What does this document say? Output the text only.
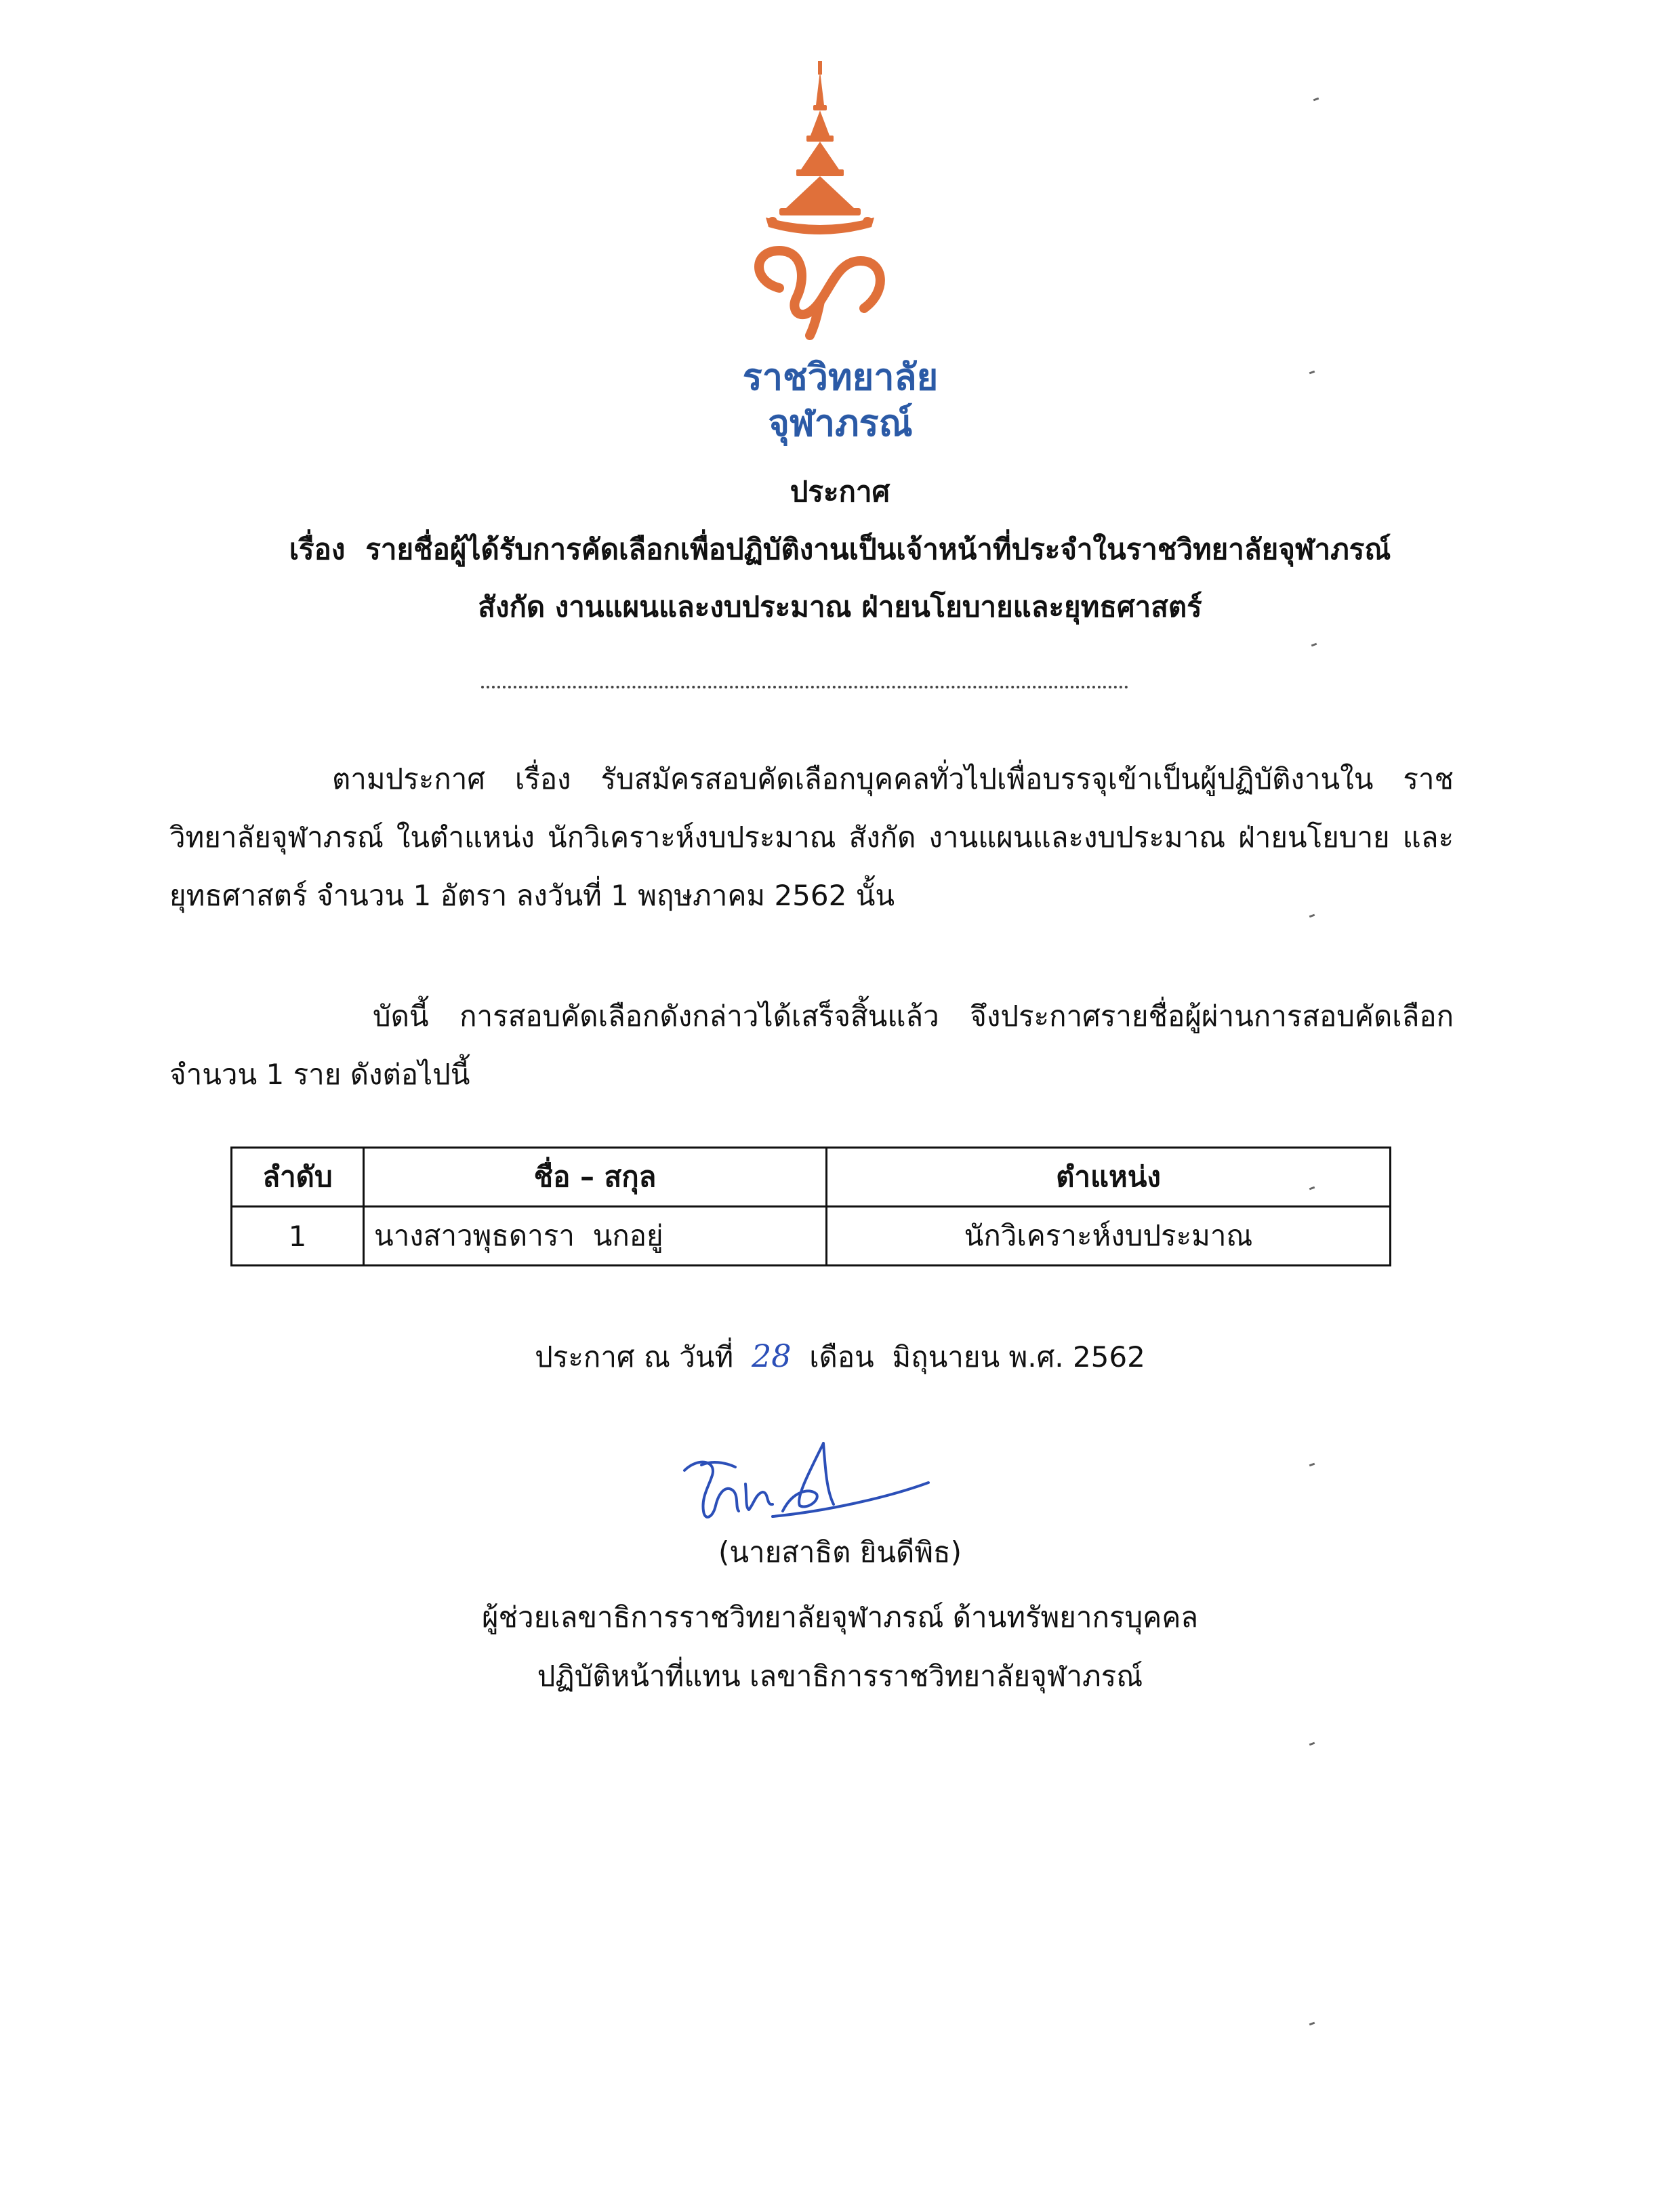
ราชวิทยาลัย
จุฬาภรณ์
ประกาศ
เรื่อง รายชื่อผู้ได้รับการคัดเลือกเพื่อปฏิบัติงานเป็นเจ้าหน้าที่ประจำในราชวิทยาลัยจุฬาภรณ์
สังกัด งานแผนและงบประมาณ ฝ่ายนโยบายและยุทธศาสตร์
ตามประกาศ เรื่อง รับสมัครสอบคัดเลือกบุคคลทั่วไปเพื่อบรรจุเข้าเป็นผู้ปฏิบัติงานใน ราชวิทยาลัยจุฬาภรณ์ ในตำแหน่ง นักวิเคราะห์งบประมาณ สังกัด งานแผนและงบประมาณ ฝ่ายนโยบาย และยุทธศาสตร์ จำนวน 1 อัตรา ลงวันที่ 1 พฤษภาคม 2562 นั้น
บัดนี้ การสอบคัดเลือกดังกล่าวได้เสร็จสิ้นแล้ว จึงประกาศรายชื่อผู้ผ่านการสอบคัดเลือก จำนวน 1 ราย ดังต่อไปนี้
ลำดับ	ชื่อ – สกุล	ตำแหน่ง
1	นางสาวพุธดารา  นกอยู่	นักวิเคราะห์งบประมาณ
ประกาศ ณ วันที่ 28 เดือน มิถุนายน พ.ศ. 2562
(นายสาธิต ยินดีพิธ)
ผู้ช่วยเลขาธิการราชวิทยาลัยจุฬาภรณ์ ด้านทรัพยากรบุคคล
ปฏิบัติหน้าที่แทน เลขาธิการราชวิทยาลัยจุฬาภรณ์
